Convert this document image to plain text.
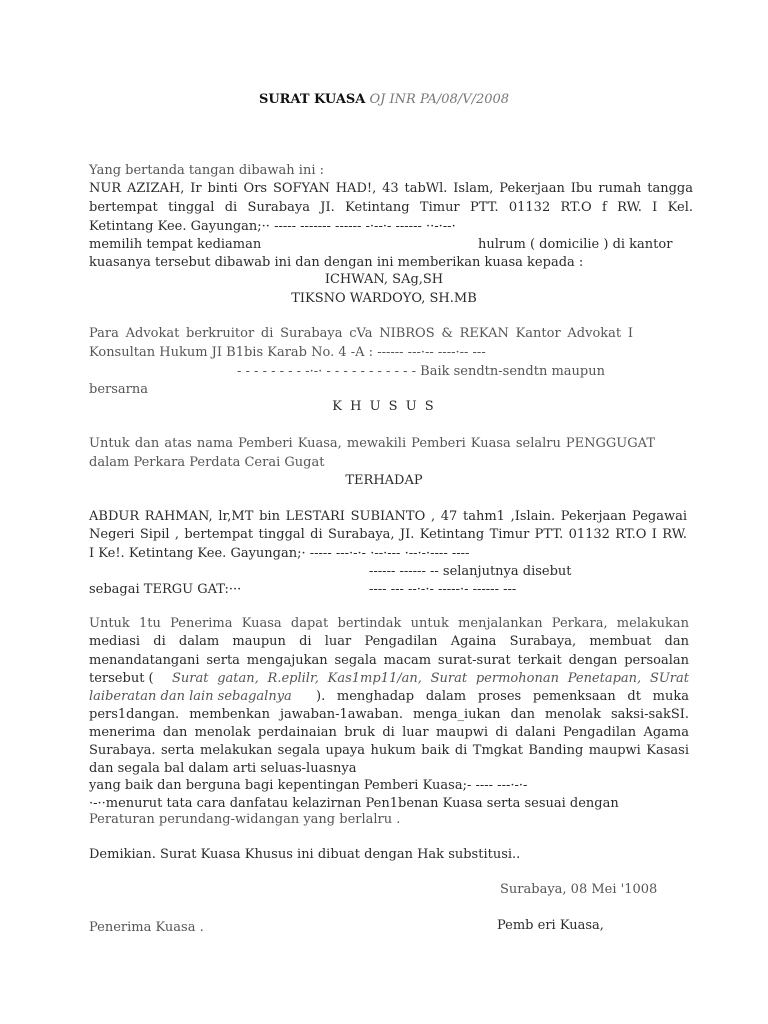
SURAT KUASA OJ INR PA/08/V/2008
Yang bertanda tangan dibawah ini :
NUR AZIZAH, Ir binti Ors SOFYAN HAD!, 43 tabWl. Islam, Pekerjaan Ibu rumah tangga
bertempat tinggal di Surabaya JI. Ketintang Timur PTT. 01132 RT.O f RW. I Kel.
Ketintang Kee. Gayungan;·· ----- ------- ------ -·--·- ------ ··-·--·
memilih tempat kediaman	hulrum ( domicilie ) di kantor
kuasanya tersebut dibawab ini dan dengan ini memberikan kuasa kepada :
ICHWAN, SAg,SH
TIKSNO WARDOYO, SH.MB
Para Advokat berkruitor di Surabaya cVa NIBROS & REKAN Kantor Advokat I
Konsultan Hukum JI B1bis Karab No. 4 -A : ------ ---·-- ----·-- ---
- - - - - - - - -·-· - - - - - - - - - - - Baik sendtn-sendtn maupun
bersarna
K H U S U S
Untuk dan atas nama Pemberi Kuasa, mewakili Pemberi Kuasa selalru PENGGUGAT
dalam Perkara Perdata Cerai Gugat
TERHADAP
ABDUR RAHMAN, lr,MT bin LESTARI SUBIANTO , 47 tahm1 ,Islain. Pekerjaan Pegawai
Negeri Sipil , bertempat tinggal di Surabaya, JI. Ketintang Timur PTT. 01132 RT.O I RW.
I Ke!. Ketintang Kee. Gayungan;· ----- ---·-·- ·--·--- ·--·-·---- ----
------ ------ -- selanjutnya disebut
sebagai TERGU GAT:···	---- --- --·-·- -----·- ------ ---
Untuk 1tu Penerima Kuasa dapat bertindak untuk menjalankan Perkara, melakukan
mediasi di dalam maupun di luar Pengadilan Againa Surabaya, membuat dan
menandatangani serta mengajukan segala macam surat-surat terkait dengan persoalan
tersebut ( Surat gatan, R.eplilr, Kas1mp11/an, Surat permohonan Penetapan, SUrat
laiberatan dan lain sebagalnya ). menghadap dalam proses pemenksaan dt muka
pers1dangan. membenkan jawaban-1awaban. menga_iukan dan menolak saksi-sakSI.
menerima dan menolak perdainaian bruk di luar maupwi di dalani Pengadilan Agama
Surabaya. serta melakukan segala upaya hukum baik di Tmgkat Banding maupwi Kasasi
dan segala bal dalam arti seluas-luasnya
yang baik dan berguna bagi kepentingan Pemberi Kuasa;- ---- ---·-·-
·-··menurut tata cara danfatau kelazirnan Pen1benan Kuasa serta sesuai dengan
Peraturan perundang-widangan yang berlalru .
Demikian. Surat Kuasa Khusus ini dibuat dengan Hak substitusi..
Surabaya, 08 Mei '1008
Penerima Kuasa .	Pemb eri Kuasa,
